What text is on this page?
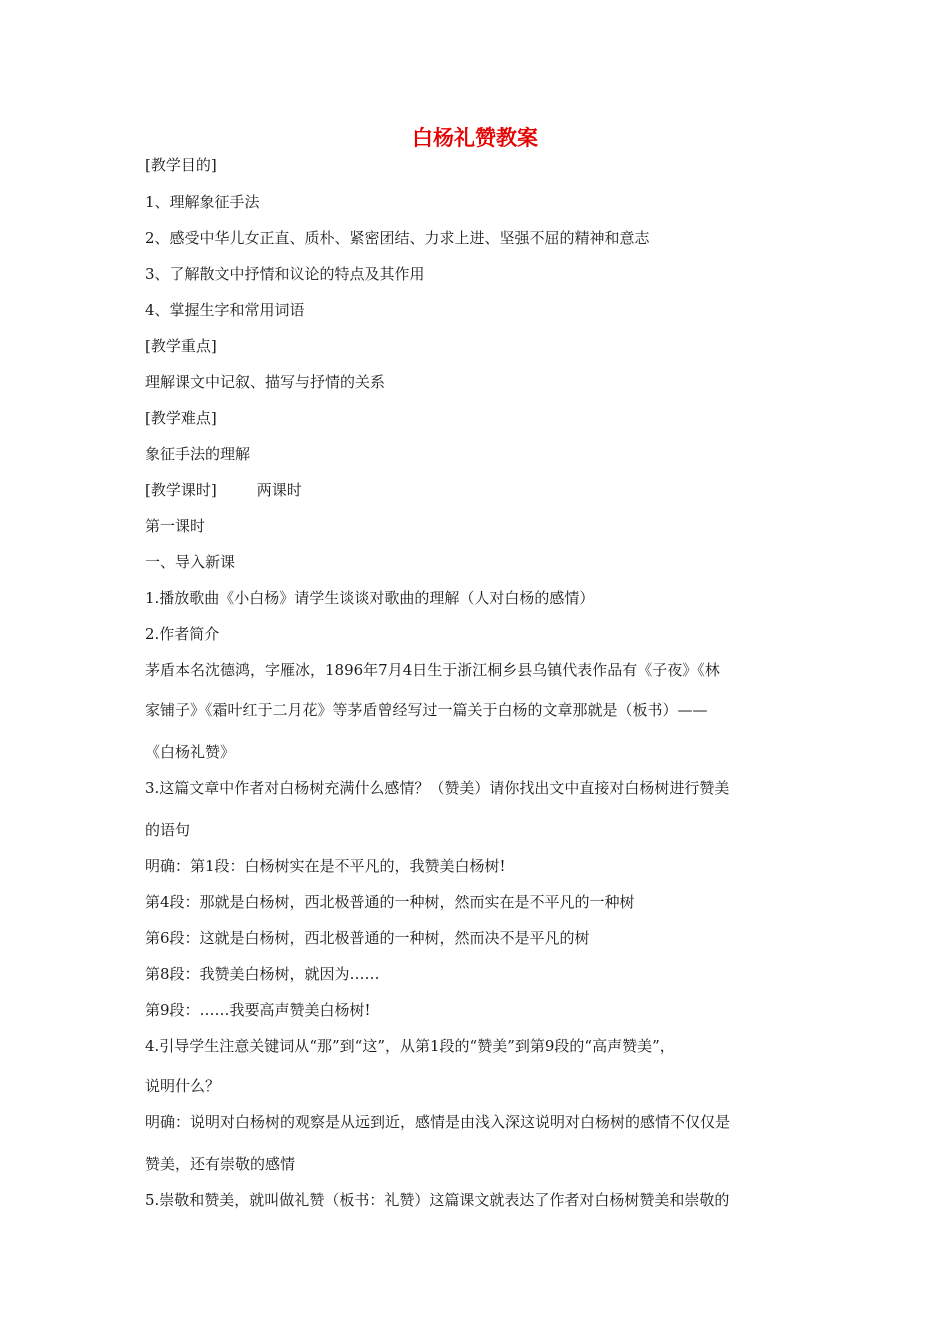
白杨礼赞教案

[教学目的]

1、理解象征手法

2、感受中华儿女正直、质朴、紧密团结、力求上进、坚强不屈的精神和意志

3、了解散文中抒情和议论的特点及其作用

4、掌握生字和常用词语

[教学重点]

理解课文中记叙、描写与抒情的关系

[教学难点]

象征手法的理解

[教学课时]	两课时

第一课时

一、导入新课

1.播放歌曲《小白杨》请学生谈谈对歌曲的理解（人对白杨的感情）

2.作者简介

茅盾本名沈德鸿，字雁冰，1896年7月4日生于浙江桐乡县乌镇代表作品有《子夜》《林

家铺子》《霜叶红于二月花》等茅盾曾经写过一篇关于白杨的文章那就是（板书）——

《白杨礼赞》

3.这篇文章中作者对白杨树充满什么感情？（赞美）请你找出文中直接对白杨树进行赞美

的语句

明确：第1段：白杨树实在是不平凡的，我赞美白杨树!

第4段：那就是白杨树，西北极普通的一种树，然而实在是不平凡的一种树

第6段：这就是白杨树，西北极普通的一种树，然而决不是平凡的树

第8段：我赞美白杨树，就因为……

第9段：……我要高声赞美白杨树!

4.引导学生注意关键词从“那”到“这”，从第1段的“赞美”到第9段的“高声赞美”，

说明什么？

明确：说明对白杨树的观察是从远到近，感情是由浅入深这说明对白杨树的感情不仅仅是

赞美，还有崇敬的感情

5.崇敬和赞美，就叫做礼赞（板书：礼赞）这篇课文就表达了作者对白杨树赞美和崇敬的
